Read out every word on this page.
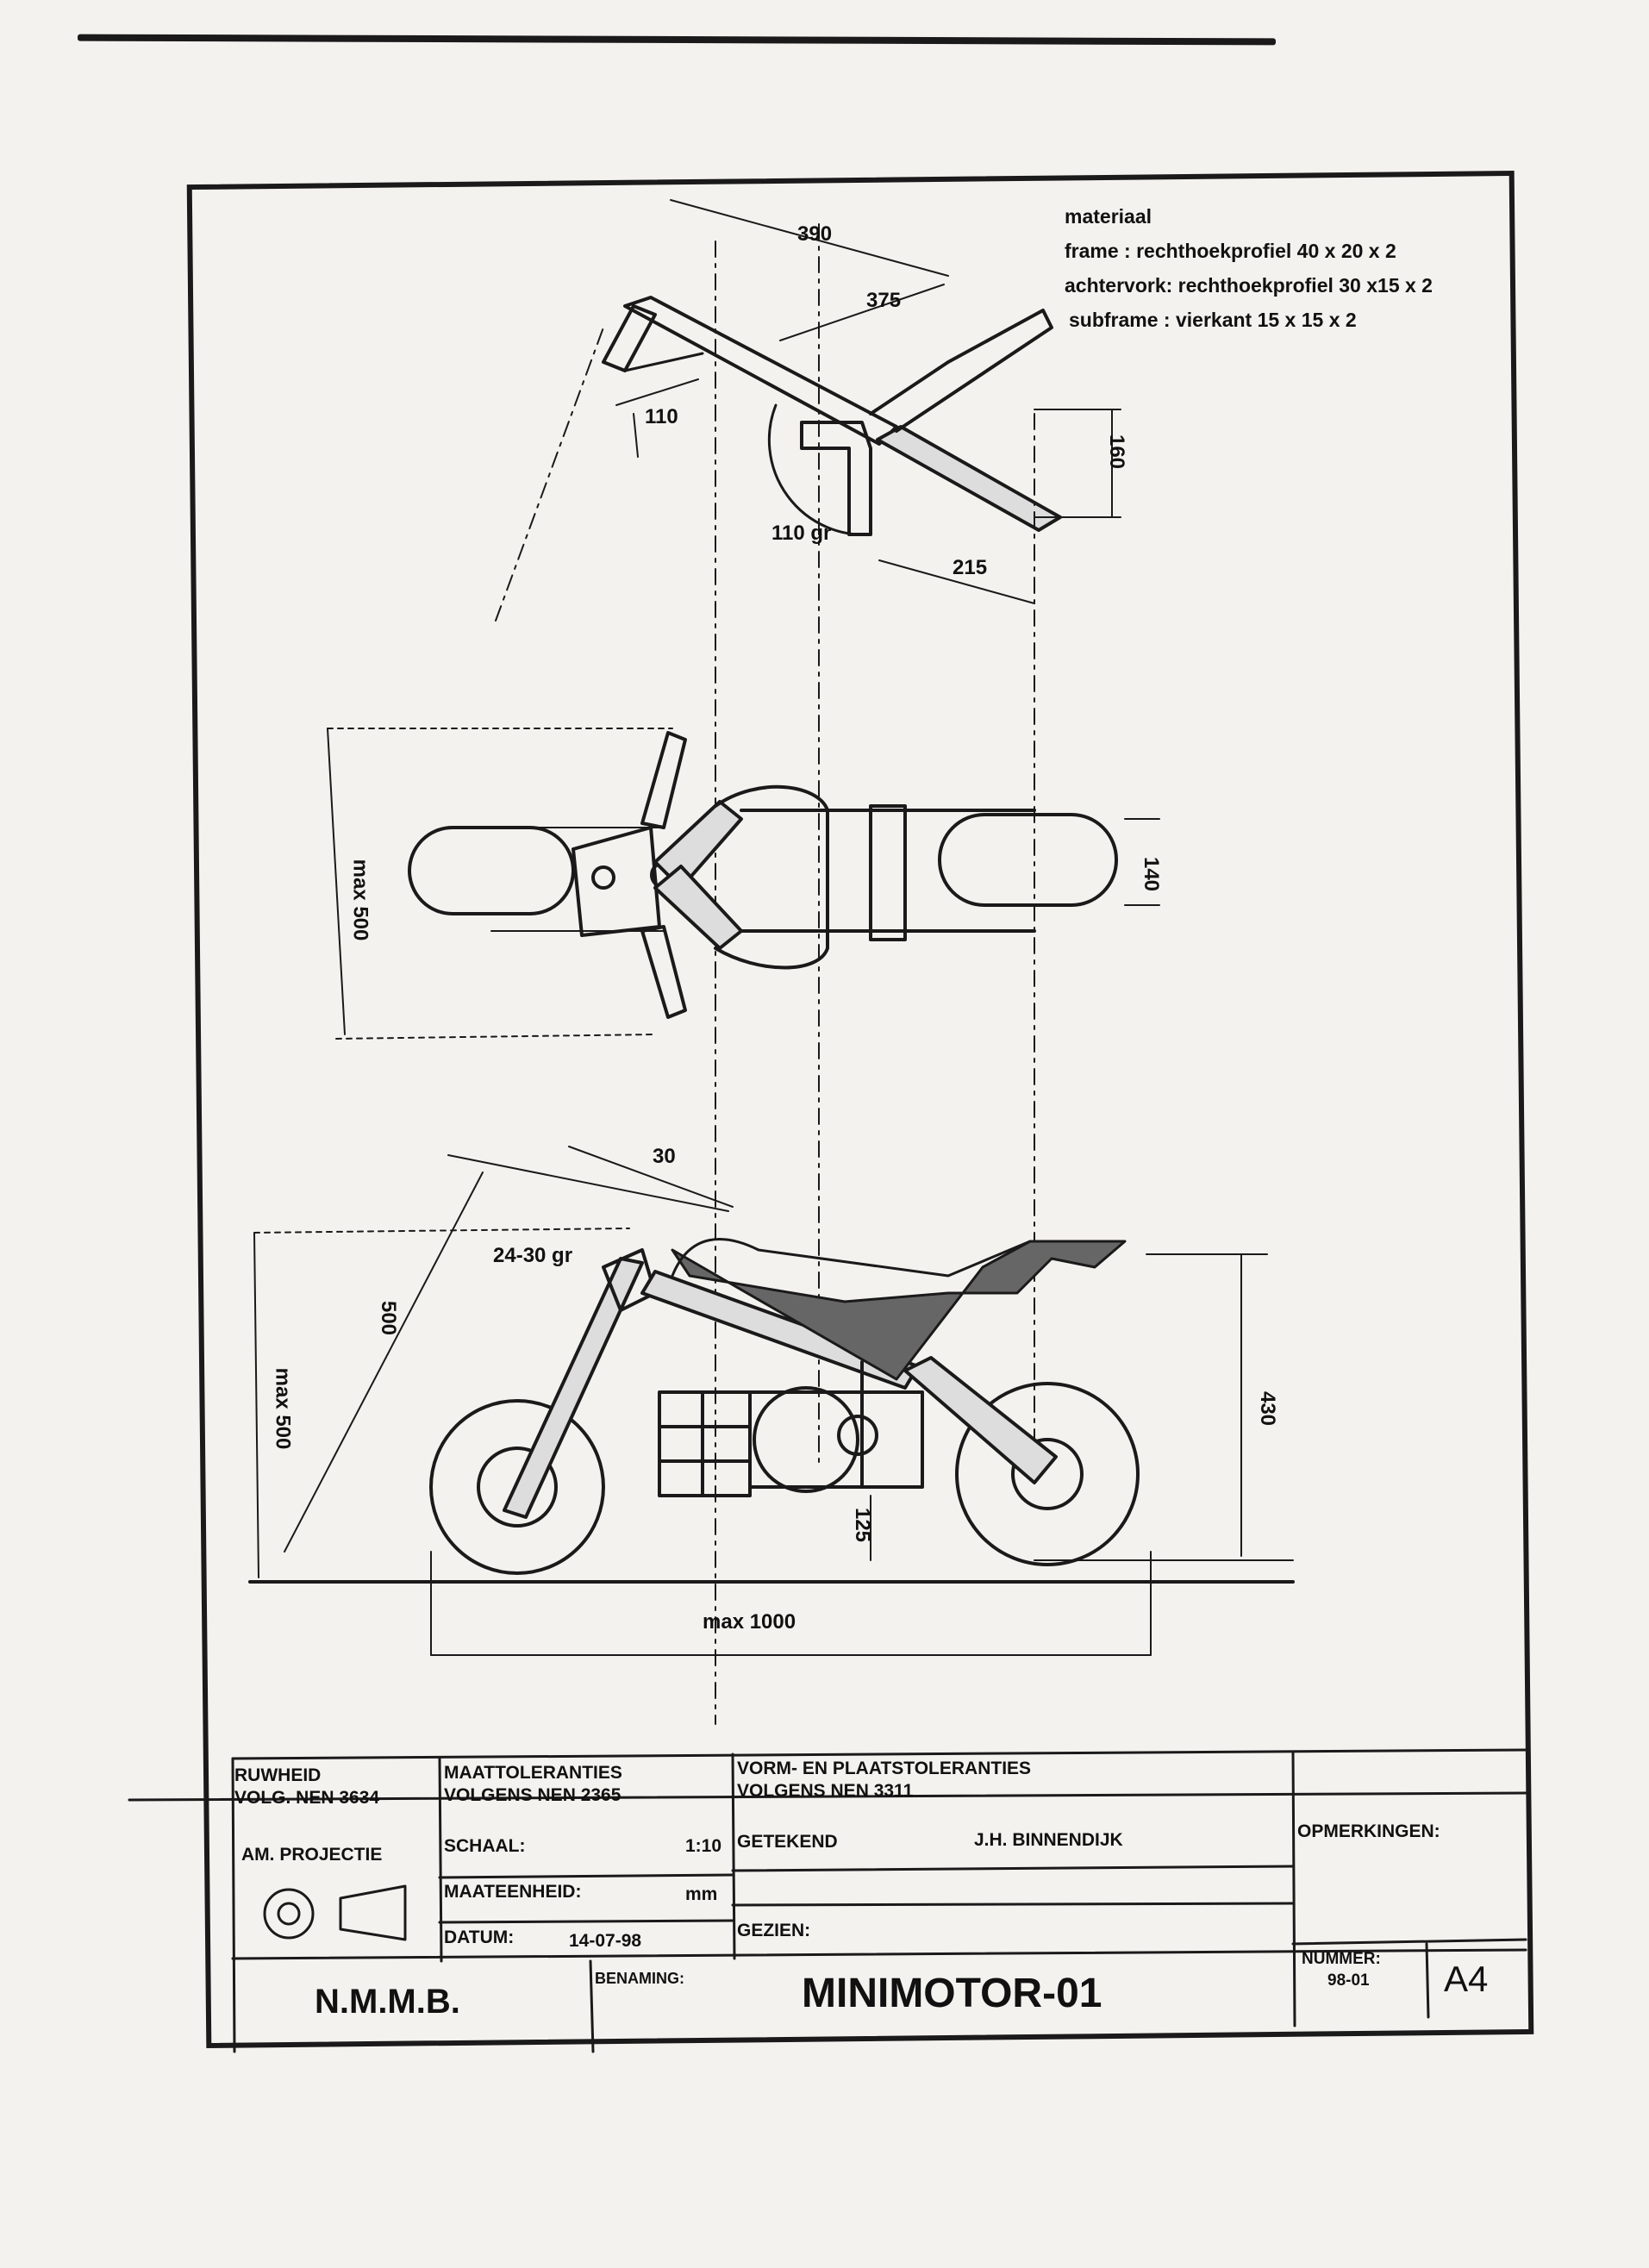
materiaal
frame : rechthoekprofiel 40 x 20 x 2
achtervork: rechthoekprofiel 30 x15 x 2
subframe : vierkant 15 x 15 x 2
390
375
110
160
215
110 gr
max 500	140
30
24-30 gr
500
max 500	430
125
max 1000
RUWHEID
VOLG. NEN 3634
MAATTOLERANTIES
VOLGENS NEN 2365
VORM- EN PLAATSTOLERANTIES
VOLGENS NEN 3311
AM. PROJECTIE	SCHAAL:	1:10
MAATEENHEID:	mm
DATUM:	14-07-98
GETEKEND	J.H. BINNENDIJK
GEZIEN:
OPMERKINGEN:
N.M.M.B.
BENAMING:	MINIMOTOR-01
NUMMER:
98-01 A4
